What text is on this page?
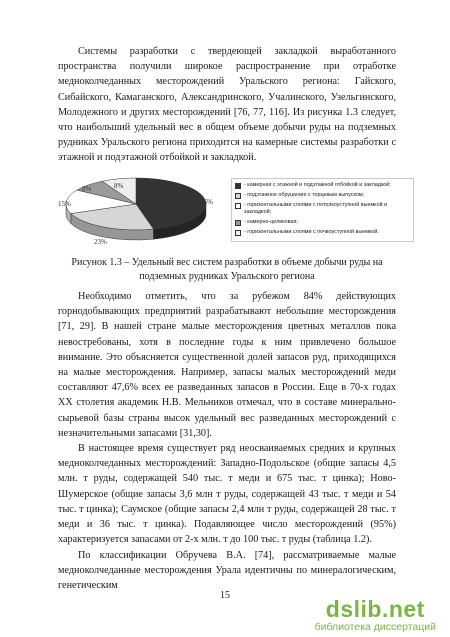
Системы разработки с твердеющей закладкой выработанного пространства получили широкое распространение при отработке медноколчеданных месторождений Уральского региона: Гайского, Сибайского, Камаганского, Александринского, Учалинского, Узельгинского, Молодежного и других месторождений [76, 77, 116]. Из рисунка 1.3 следует, что наибольший удельный вес в общем объеме добычи руды на подземных рудниках Уральского региона приходится на камерные системы разработки с этажной и подэтажной отбойкой и закладкой.

46%
23%
15%
8%	8%	- камерная с этажной и подэтажной отбойкой и закладкой;
- подэтажное обрушение с торцевым выпуском;
- горизонтальными слоями с потолкоуступной выемкой и закладкой;
- камерно-целиковая;
- горизонтальными слоями с почвоуступной выемкой.
Рисунок 1.3 – Удельный вес систем разработки в объеме добычи руды на подземных рудниках Уральского региона

Необходимо отметить, что за рубежом 84% действующих горнодобывающих предприятий разрабатывают небольшие месторождения [71, 29]. В нашей стране малые месторождения цветных металлов пока невостребованы, хотя в последние годы к ним привлечено большое внимание. Это объясняется существенной долей запасов руд, приходящихся на малые месторождения. Например, запасы малых месторождений меди составляют 47,6% всех ее разведанных запасов в России. Еще в 70-х годах XX столетия академик Н.В. Мельников отмечал, что в составе минерально-сырьевой базы страны высок удельный вес разведанных месторождений с незначительными запасами [31,30].

В настоящее время существует ряд неосваиваемых средних и крупных медноколчеданных месторождений: Западно-Подольское (общие запасы 4,5 млн. т руды, содержащей 540 тыс. т меди и 675 тыс. т цинка); Ново-Шумерское (общие запасы 3,6 млн т руды, содержащей 43 тыс. т меди и 54 тыс. т цинка); Саумское (общие запасы 2,4 млн т руды, содержащей 28 тыс. т меди и 36 тыс. т цинка). Подавляющее число месторождений (95%) характеризуется запасами от 2-х млн. т до 100 тыс. т руды (таблица 1.2).

По классификации Обручева В.А. [74], рассматриваемые малые медноколчеданные месторождения Урала идентичны по минералогическим, генетическим

15
dslib.net
библиотека диссертаций
